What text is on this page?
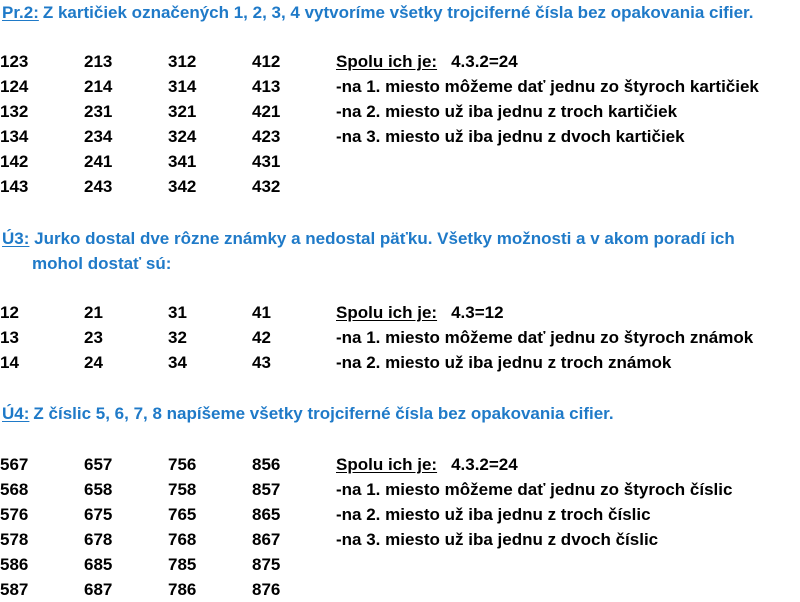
Pr.2: Z kartičiek označených 1, 2, 3, 4 vytvoríme všetky trojciferné čísla bez opakovania cifier.
123	213	312	412	Spolu ich je: 4.3.2=24
124	214	314	413	-na 1. miesto môžeme dať jednu zo štyroch kartičiek
132	231	321	421	-na 2. miesto už iba jednu z troch kartičiek
134	234	324	423	-na 3. miesto už iba jednu z dvoch kartičiek
142	241	341	431
143	243	342	432
Ú3: Jurko dostal dve rôzne známky a nedostal päťku. Všetky možnosti a v akom poradí ich
mohol dostať sú:
12	21	31	41	Spolu ich je: 4.3=12
13	23	32	42	-na 1. miesto môžeme dať jednu zo štyroch známok
14	24	34	43	-na 2. miesto už iba jednu z troch známok
Ú4: Z číslic 5, 6, 7, 8 napíšeme všetky trojciferné čísla bez opakovania cifier.
567	657	756	856	Spolu ich je: 4.3.2=24
568	658	758	857	-na 1. miesto môžeme dať jednu zo štyroch číslic
576	675	765	865	-na 2. miesto už iba jednu z troch číslic
578	678	768	867	-na 3. miesto už iba jednu z dvoch číslic
586	685	785	875
587	687	786	876
